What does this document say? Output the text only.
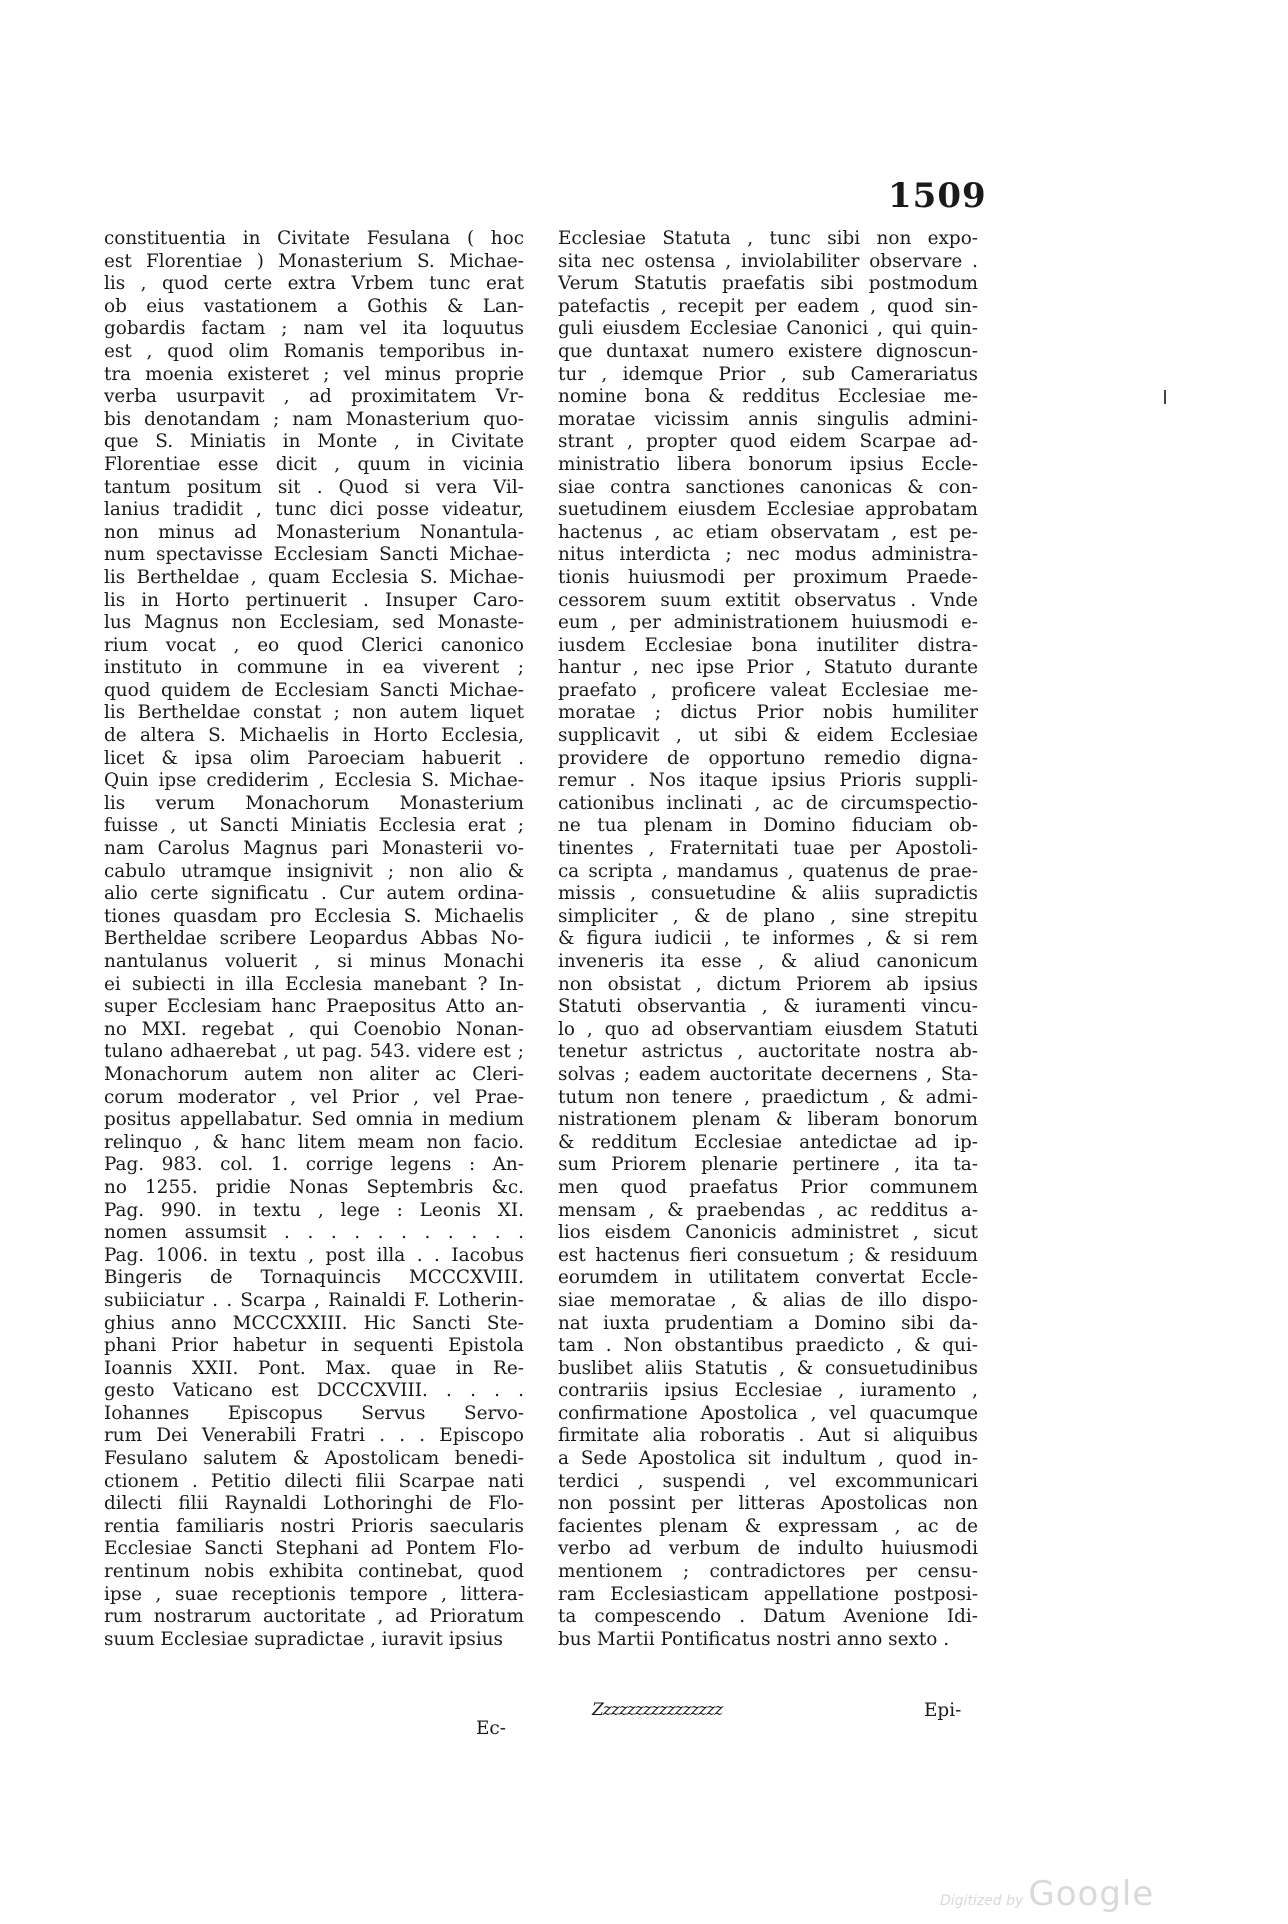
1509
constituentia in Civitate Fesulana ( hoc
est Florentiae ) Monasterium S. Michae-
lis , quod certe extra Vrbem tunc erat
ob eius vastationem a Gothis & Lan-
gobardis factam ; nam vel ita loquutus
est , quod olim Romanis temporibus in-
tra moenia existeret ; vel minus proprie
verba usurpavit , ad proximitatem Vr-
bis denotandam ; nam Monasterium quo-
que S. Miniatis in Monte , in Civitate
Florentiae esse dicit , quum in vicinia
tantum positum sit . Quod si vera Vil-
lanius tradidit , tunc dici posse videatur,
non minus ad Monasterium Nonantula-
num spectavisse Ecclesiam Sancti Michae-
lis Bertheldae , quam Ecclesia S. Michae-
lis in Horto pertinuerit . Insuper Caro-
lus Magnus non Ecclesiam, sed Monaste-
rium vocat , eo quod Clerici canonico
instituto in commune in ea viverent ;
quod quidem de Ecclesiam Sancti Michae-
lis Bertheldae constat ; non autem liquet
de altera S. Michaelis in Horto Ecclesia,
licet & ipsa olim Paroeciam habuerit .
Quin ipse crediderim , Ecclesia S. Michae-
lis verum Monachorum Monasterium
fuisse , ut Sancti Miniatis Ecclesia erat ;
nam Carolus Magnus pari Monasterii vo-
cabulo utramque insignivit ; non alio &
alio certe significatu . Cur autem ordina-
tiones quasdam pro Ecclesia S. Michaelis
Bertheldae scribere Leopardus Abbas No-
nantulanus voluerit , si minus Monachi
ei subiecti in illa Ecclesia manebant ? In-
super Ecclesiam hanc Praepositus Atto an-
no MXI. regebat , qui Coenobio Nonan-
tulano adhaerebat , ut pag. 543. videre est ;
Monachorum autem non aliter ac Cleri-
corum moderator , vel Prior , vel Prae-
positus appellabatur. Sed omnia in medium
relinquo , & hanc litem meam non facio.
Pag. 983. col. 1. corrige legens : An-
no 1255. pridie Nonas Septembris &c.
Pag. 990. in textu , lege : Leonis XI.
nomen assumsit . . . . . . . . . . .
Pag. 1006. in textu , post illa . . Iacobus
Bingeris de Tornaquincis MCCCXVIII.
subiiciatur . . Scarpa , Rainaldi F. Lotherin-
ghius anno MCCCXXIII. Hic Sancti Ste-
phani Prior habetur in sequenti Epistola
Ioannis XXII. Pont. Max. quae in Re-
gesto Vaticano est DCCCXVIII. . . . .
Iohannes Episcopus Servus Servo-
rum Dei Venerabili Fratri . . . Episcopo
Fesulano salutem & Apostolicam benedi-
ctionem . Petitio dilecti filii Scarpae nati
dilecti filii Raynaldi Lothoringhi de Flo-
rentia familiaris nostri Prioris saecularis
Ecclesiae Sancti Stephani ad Pontem Flo-
rentinum nobis exhibita continebat, quod
ipse , suae receptionis tempore , littera-
rum nostrarum auctoritate , ad Prioratum
suum Ecclesiae supradictae , iuravit ipsius
Ec-
Ecclesiae Statuta , tunc sibi non expo-
sita nec ostensa , inviolabiliter observare .
Verum Statutis praefatis sibi postmodum
patefactis , recepit per eadem , quod sin-
guli eiusdem Ecclesiae Canonici , qui quin-
que duntaxat numero existere dignoscun-
tur , idemque Prior , sub Camerariatus
nomine bona & redditus Ecclesiae me-
moratae vicissim annis singulis admini-
strant , propter quod eidem Scarpae ad-
ministratio libera bonorum ipsius Eccle-
siae contra sanctiones canonicas & con-
suetudinem eiusdem Ecclesiae approbatam
hactenus , ac etiam observatam , est pe-
nitus interdicta ; nec modus administra-
tionis huiusmodi per proximum Praede-
cessorem suum extitit observatus . Vnde
eum , per administrationem huiusmodi e-
iusdem Ecclesiae bona inutiliter distra-
hantur , nec ipse Prior , Statuto durante
praefato , proficere valeat Ecclesiae me-
moratae ; dictus Prior nobis humiliter
supplicavit , ut sibi & eidem Ecclesiae
providere de opportuno remedio digna-
remur . Nos itaque ipsius Prioris suppli-
cationibus inclinati , ac de circumspectio-
ne tua plenam in Domino fiduciam ob-
tinentes , Fraternitati tuae per Apostoli-
ca scripta , mandamus , quatenus de prae-
missis , consuetudine & aliis supradictis
simpliciter , & de plano , sine strepitu
& figura iudicii , te informes , & si rem
inveneris ita esse , & aliud canonicum
non obsistat , dictum Priorem ab ipsius
Statuti observantia , & iuramenti vincu-
lo , quo ad observantiam eiusdem Statuti
tenetur astrictus , auctoritate nostra ab-
solvas ; eadem auctoritate decernens , Sta-
tutum non tenere , praedictum , & admi-
nistrationem plenam & liberam bonorum
& redditum Ecclesiae antedictae ad ip-
sum Priorem plenarie pertinere , ita ta-
men quod praefatus Prior communem
mensam , & praebendas , ac redditus a-
lios eisdem Canonicis administret , sicut
est hactenus fieri consuetum ; & residuum
eorumdem in utilitatem convertat Eccle-
siae memoratae , & alias de illo dispo-
nat iuxta prudentiam a Domino sibi da-
tam . Non obstantibus praedicto , & qui-
buslibet aliis Statutis , & consuetudinibus
contrariis ipsius Ecclesiae , iuramento ,
confirmatione Apostolica , vel quacumque
firmitate alia roboratis . Aut si aliquibus
a Sede Apostolica sit indultum , quod in-
terdici , suspendi , vel excommunicari
non possint per litteras Apostolicas non
facientes plenam & expressam , ac de
verbo ad verbum de indulto huiusmodi
mentionem ; contradictores per censu-
ram Ecclesiasticam appellatione postposi-
ta compescendo . Datum Avenione Idi-
bus Martii Pontificatus nostri anno sexto .
Zzzzzzzzzzzzzzzz	Epi-
Digitized by Google
